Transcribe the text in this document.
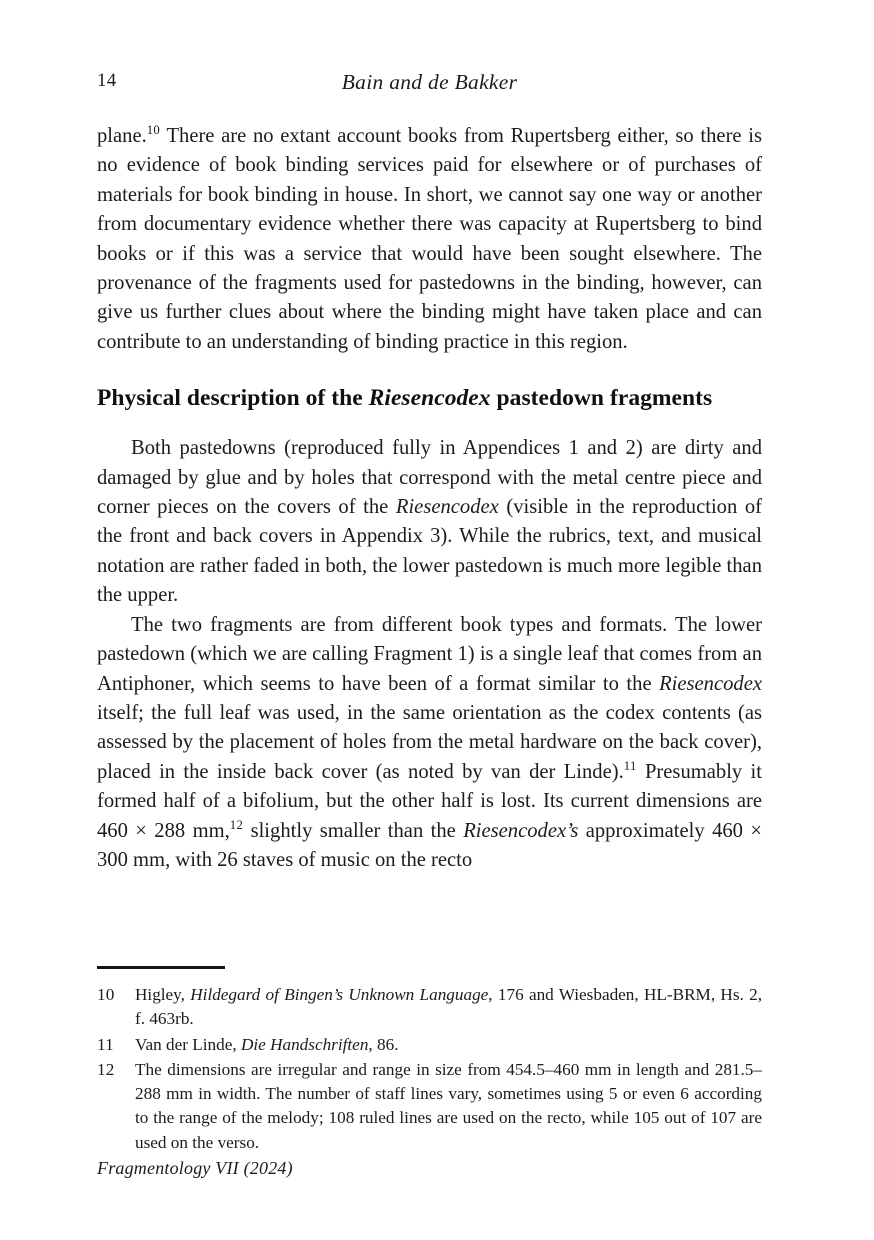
14	Bain and de Bakker

plane.$^{10}$ There are no extant account books from Rupertsberg either, so there is no evidence of book binding services paid for elsewhere or of purchases of materials for book binding in house. In short, we cannot say one way or another from documentary evidence whether there was capacity at Rupertsberg to bind books or if this was a service that would have been sought elsewhere. The provenance of the fragments used for pastedowns in the binding, however, can give us further clues about where the binding might have taken place and can contribute to an understanding of binding practice in this region.

Physical description of the Riesencodex pastedown fragments

Both pastedowns (reproduced fully in Appendices 1 and 2) are dirty and damaged by glue and by holes that correspond with the metal centre piece and corner pieces on the covers of the Riesencodex (visible in the reproduction of the front and back covers in Appendix 3). While the rubrics, text, and musical notation are rather faded in both, the lower pastedown is much more legible than the upper.

The two fragments are from different book types and formats. The lower pastedown (which we are calling Fragment 1) is a single leaf that comes from an Antiphoner, which seems to have been of a format similar to the Riesencodex itself; the full leaf was used, in the same orientation as the codex contents (as assessed by the placement of holes from the metal hardware on the back cover), placed in the inside back cover (as noted by van der Linde).$^{11}$ Presumably it formed half of a bifolium, but the other half is lost. Its current dimensions are 460 × 288 mm,$^{12}$ slightly smaller than the Riesencodex’s approximately 460 × 300 mm, with 26 staves of music on the recto

10	Higley, Hildegard of Bingen’s Unknown Language, 176 and Wiesbaden, HL-BRM, Hs. 2, f. 463rb.
11	Van der Linde, Die Handschriften, 86.
12	The dimensions are irregular and range in size from 454.5–460 mm in length and 281.5–288 mm in width. The number of staff lines vary, sometimes using 5 or even 6 according to the range of the melody; 108 ruled lines are used on the recto, while 105 out of 107 are used on the verso.
Fragmentology VII (2024)
